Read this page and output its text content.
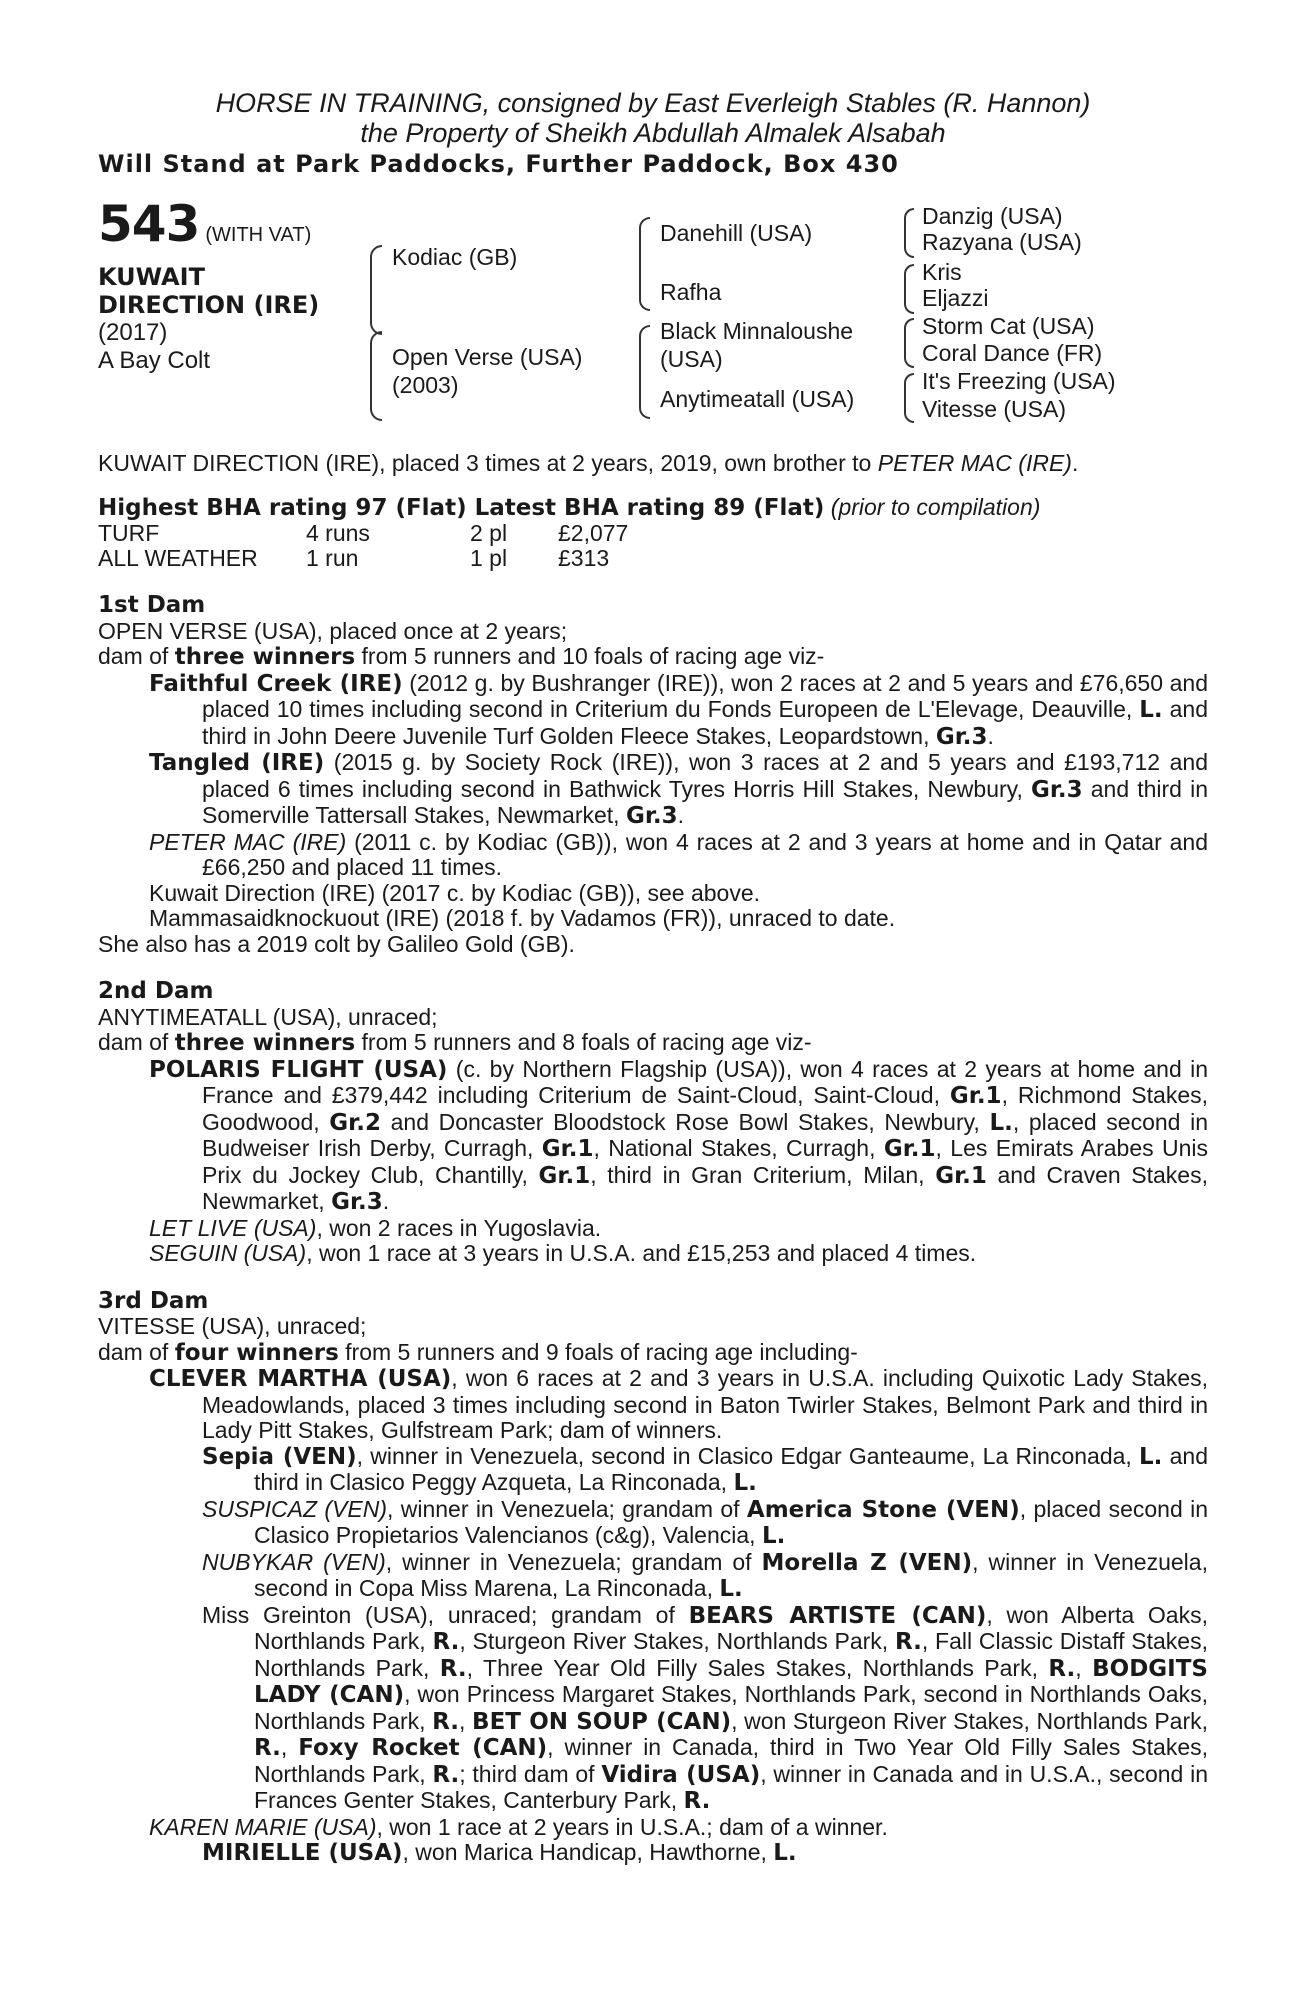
HORSE IN TRAINING, consigned by East Everleigh Stables (R. Hannon)
the Property of Sheikh Abdullah Almalek Alsabah
Will Stand at Park Paddocks, Further Paddock, Box 430
543 (WITH VAT)
KUWAIT
DIRECTION (IRE)
(2017)
A Bay Colt
Kodiac (GB)
Open Verse (USA)
(2003)
Danehill (USA)
Rafha
Black Minnaloushe
(USA)
Anytimeatall (USA)
Danzig (USA)
Razyana (USA)
Kris
Eljazzi
Storm Cat (USA)
Coral Dance (FR)
It's Freezing (USA)
Vitesse (USA)

KUWAIT DIRECTION (IRE), placed 3 times at 2 years, 2019, own brother to PETER MAC (IRE).

Highest BHA rating 97 (Flat) Latest BHA rating 89 (Flat) (prior to compilation)

TURF	4 runs	2 pl	£2,077
ALL WEATHER	1 run	1 pl	£313
1st Dam

OPEN VERSE (USA), placed once at 2 years;

dam of three winners from 5 runners and 10 foals of racing age viz-

Faithful Creek (IRE) (2012 g. by Bushranger (IRE)), won 2 races at 2 and 5 years and £76,650 and placed 10 times including second in Criterium du Fonds Europeen de L'Elevage, Deauville, L. and third in John Deere Juvenile Turf Golden Fleece Stakes, Leopardstown, Gr.3.

Tangled (IRE) (2015 g. by Society Rock (IRE)), won 3 races at 2 and 5 years and £193,712 and placed 6 times including second in Bathwick Tyres Horris Hill Stakes, Newbury, Gr.3 and third in Somerville Tattersall Stakes, Newmarket, Gr.3.

PETER MAC (IRE) (2011 c. by Kodiac (GB)), won 4 races at 2 and 3 years at home and in Qatar and £66,250 and placed 11 times.

Kuwait Direction (IRE) (2017 c. by Kodiac (GB)), see above.

Mammasaidknockuout (IRE) (2018 f. by Vadamos (FR)), unraced to date.

She also has a 2019 colt by Galileo Gold (GB).

2nd Dam

ANYTIMEATALL (USA), unraced;

dam of three winners from 5 runners and 8 foals of racing age viz-

POLARIS FLIGHT (USA) (c. by Northern Flagship (USA)), won 4 races at 2 years at home and in France and £379,442 including Criterium de Saint-Cloud, Saint-Cloud, Gr.1, Richmond Stakes, Goodwood, Gr.2 and Doncaster Bloodstock Rose Bowl Stakes, Newbury, L., placed second in Budweiser Irish Derby, Curragh, Gr.1, National Stakes, Curragh, Gr.1, Les Emirats Arabes Unis Prix du Jockey Club, Chantilly, Gr.1, third in Gran Criterium, Milan, Gr.1 and Craven Stakes, Newmarket, Gr.3.

LET LIVE (USA), won 2 races in Yugoslavia.

SEGUIN (USA), won 1 race at 3 years in U.S.A. and £15,253 and placed 4 times.

3rd Dam

VITESSE (USA), unraced;

dam of four winners from 5 runners and 9 foals of racing age including-

CLEVER MARTHA (USA), won 6 races at 2 and 3 years in U.S.A. including Quixotic Lady Stakes, Meadowlands, placed 3 times including second in Baton Twirler Stakes, Belmont Park and third in Lady Pitt Stakes, Gulfstream Park; dam of winners.

Sepia (VEN), winner in Venezuela, second in Clasico Edgar Ganteaume, La Rinconada, L. and third in Clasico Peggy Azqueta, La Rinconada, L.

SUSPICAZ (VEN), winner in Venezuela; grandam of America Stone (VEN), placed second in Clasico Propietarios Valencianos (c&g), Valencia, L.

NUBYKAR (VEN), winner in Venezuela; grandam of Morella Z (VEN), winner in Venezuela, second in Copa Miss Marena, La Rinconada, L.

Miss Greinton (USA), unraced; grandam of BEARS ARTISTE (CAN), won Alberta Oaks, Northlands Park, R., Sturgeon River Stakes, Northlands Park, R., Fall Classic Distaff Stakes, Northlands Park, R., Three Year Old Filly Sales Stakes, Northlands Park, R., BODGITS LADY (CAN), won Princess Margaret Stakes, Northlands Park, second in Northlands Oaks, Northlands Park, R., BET ON SOUP (CAN), won Sturgeon River Stakes, Northlands Park, R., Foxy Rocket (CAN), winner in Canada, third in Two Year Old Filly Sales Stakes, Northlands Park, R.; third dam of Vidira (USA), winner in Canada and in U.S.A., second in Frances Genter Stakes, Canterbury Park, R.

KAREN MARIE (USA), won 1 race at 2 years in U.S.A.; dam of a winner.

MIRIELLE (USA), won Marica Handicap, Hawthorne, L.
